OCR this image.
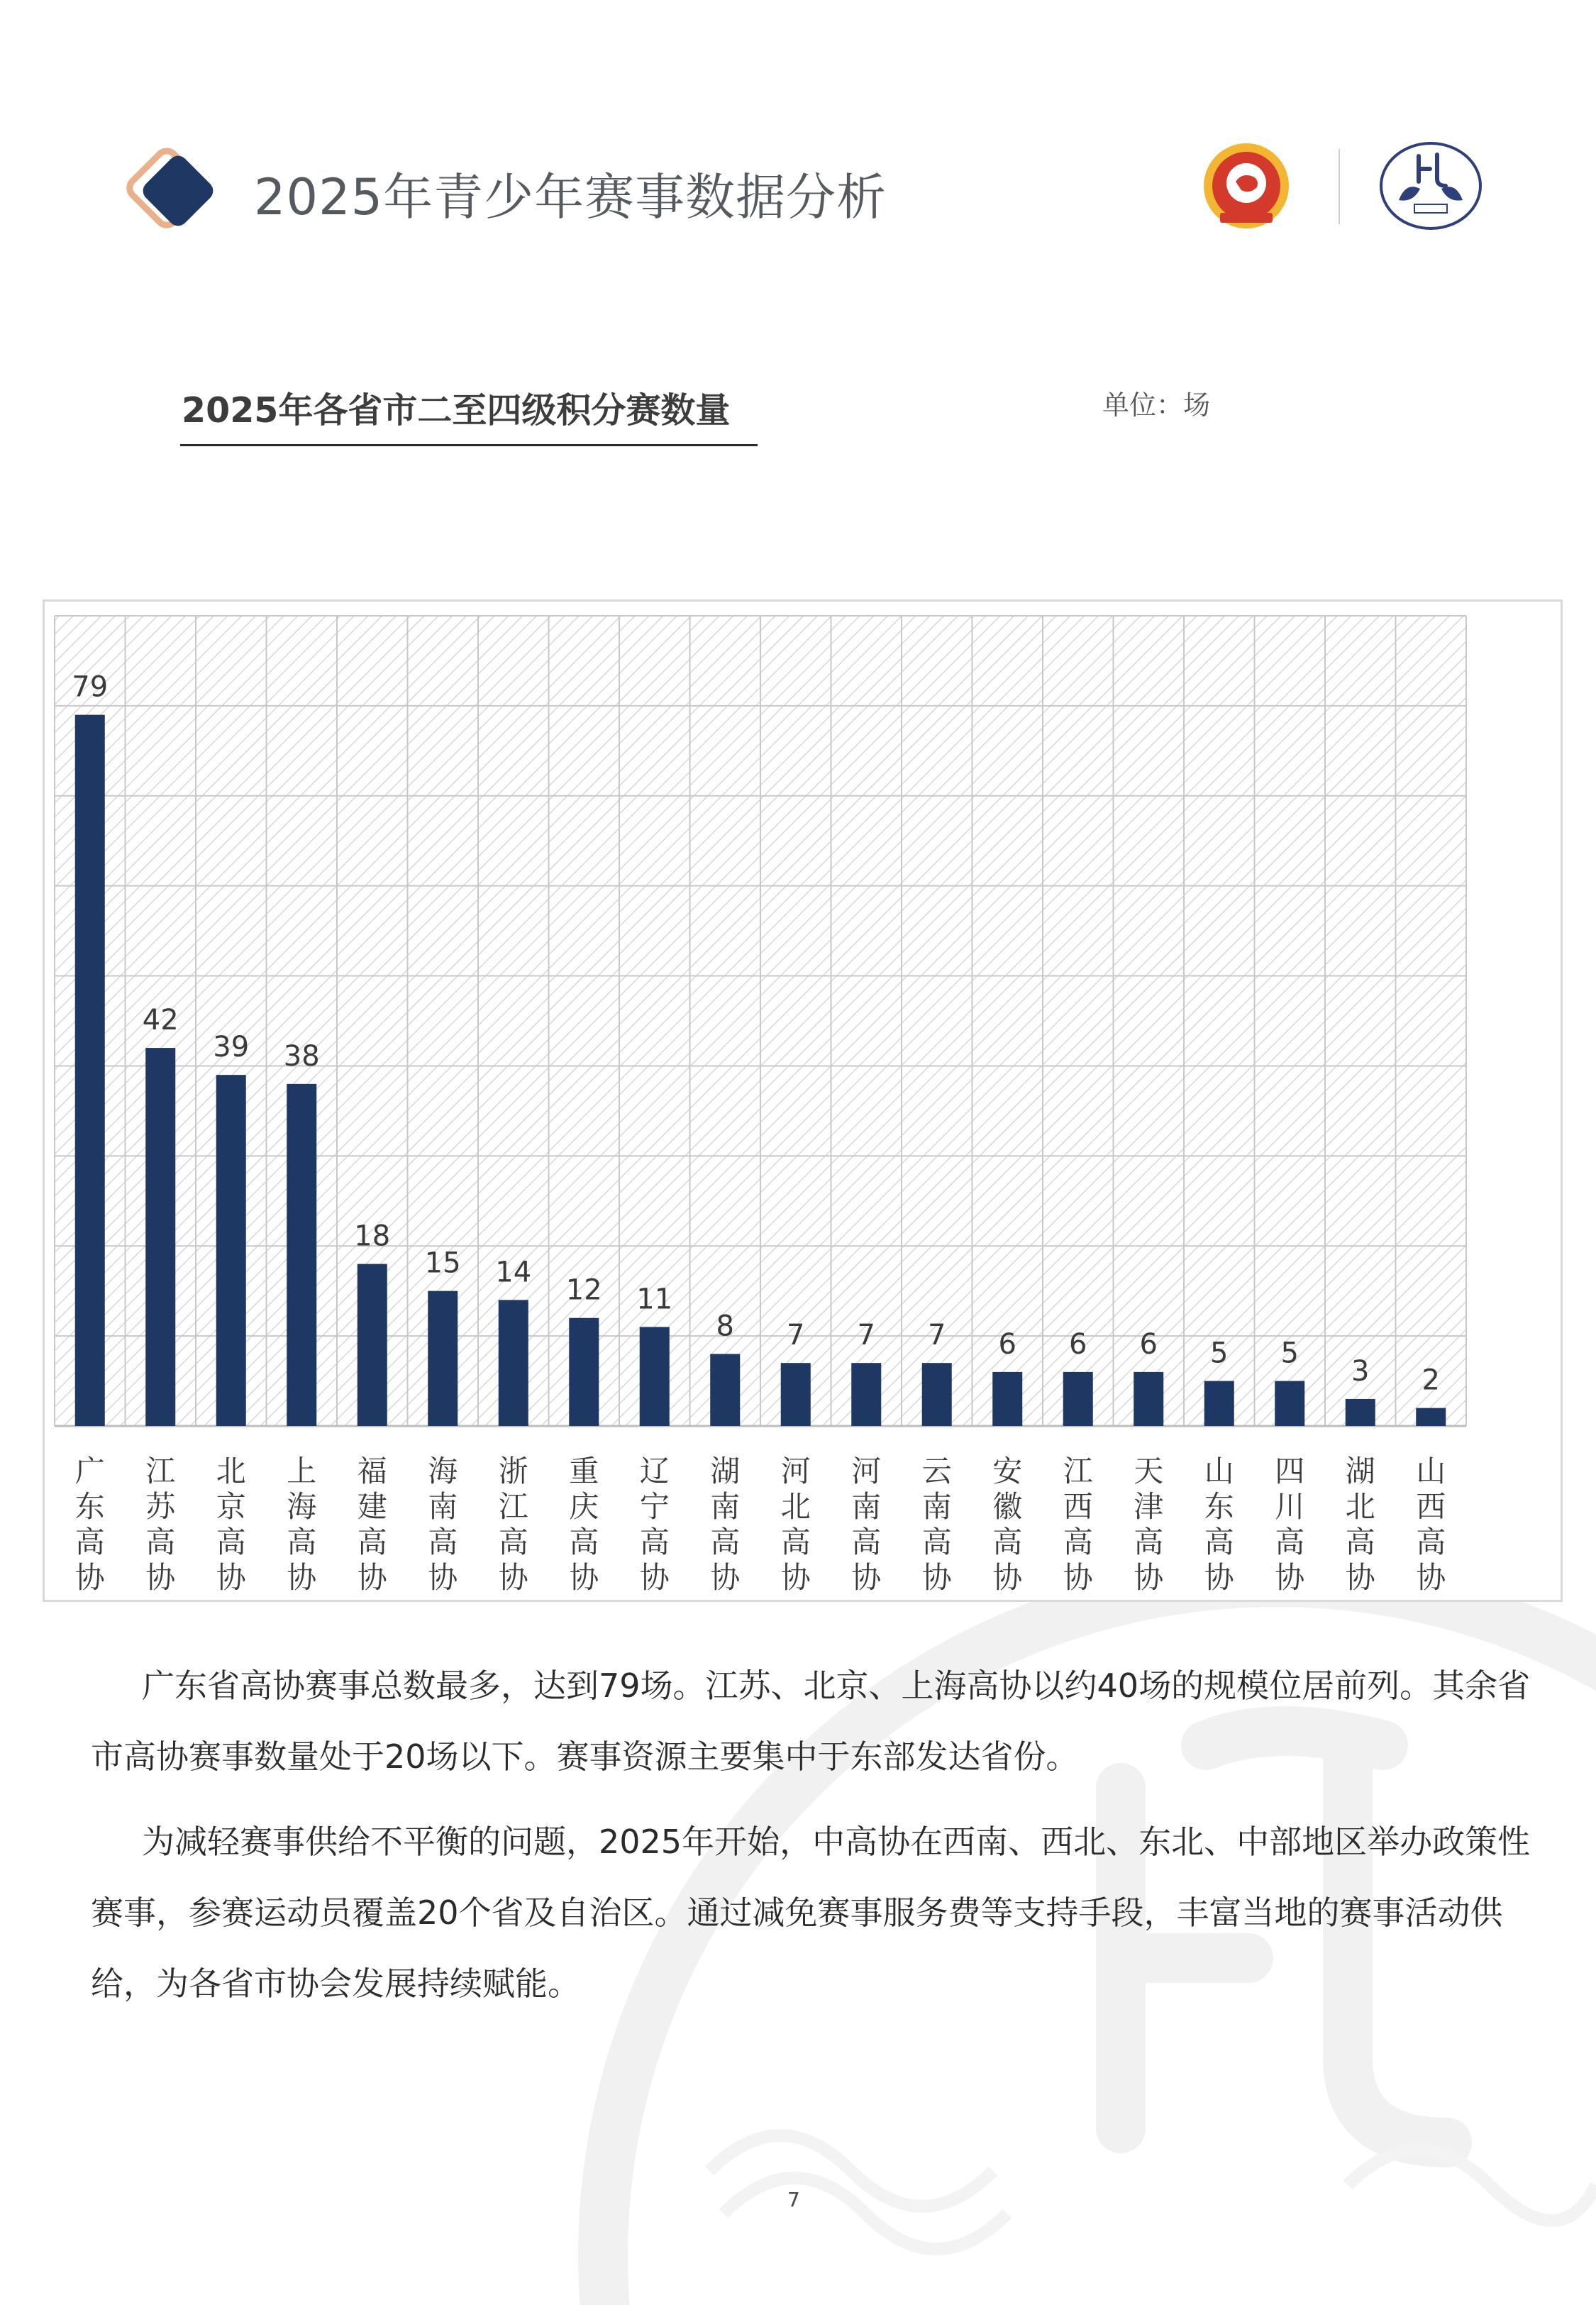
2025年青少年赛事数据分析
2025年各省市二至四级积分赛数量	单位：场
79
42
39 38
18
15 14
12 11
8 7 7 7 6 6 6 5 5
3 2
广东高协
江苏高协
北京高协
上海高协
福建高协
海南高协
浙江高协
重庆高协
辽宁高协
湖南高协
河北高协
河南高协
云南高协
安徽高协
江西高协
天津高协
山东高协
四川高协
湖北高协
山西高协

广东省高协赛事总数最多，达到79场。江苏、北京、上海高协以约40场的规模位居前列。其余省市高协赛事数量处于20场以下。赛事资源主要集中于东部发达省份。

为减轻赛事供给不平衡的问题，2025年开始，中高协在西南、西北、东北、中部地区举办政策性赛事，参赛运动员覆盖20个省及自治区。通过减免赛事服务费等支持手段，丰富当地的赛事活动供给，为各省市协会发展持续赋能。

7
